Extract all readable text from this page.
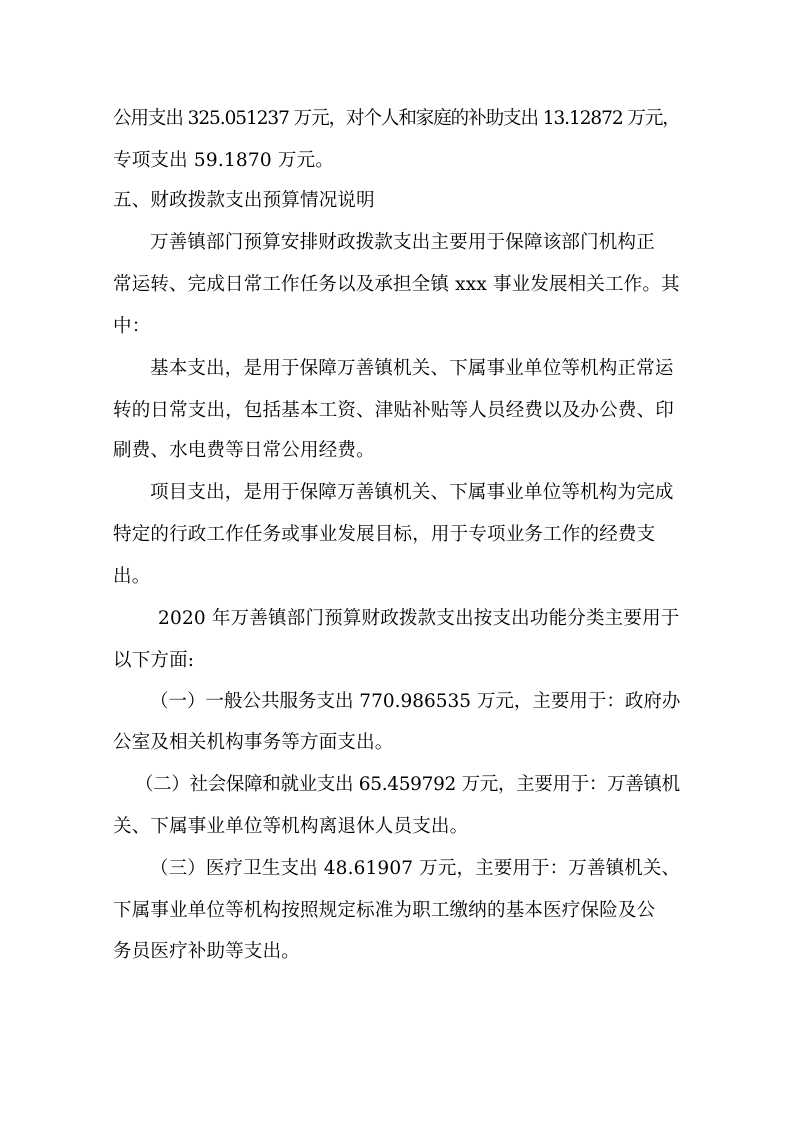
公用支出 325.051237 万元，对个人和家庭的补助支出 13.12872 万元，
专项支出 59.1870 万元。
五、财政拨款支出预算情况说明
万善镇部门预算安排财政拨款支出主要用于保障该部门机构正
常运转、完成日常工作任务以及承担全镇 xxx 事业发展相关工作。其
中：
基本支出，是用于保障万善镇机关、下属事业单位等机构正常运
转的日常支出，包括基本工资、津贴补贴等人员经费以及办公费、印
刷费、水电费等日常公用经费。
项目支出，是用于保障万善镇机关、下属事业单位等机构为完成
特定的行政工作任务或事业发展目标，用于专项业务工作的经费支
出。
2020 年万善镇部门预算财政拨款支出按支出功能分类主要用于
以下方面:
（一）一般公共服务支出 770.986535 万元，主要用于：政府办
公室及相关机构事务等方面支出。
（二）社会保障和就业支出 65.459792 万元，主要用于：万善镇机
关、下属事业单位等机构离退休人员支出。
（三）医疗卫生支出 48.61907 万元，主要用于：万善镇机关、
下属事业单位等机构按照规定标准为职工缴纳的基本医疗保险及公
务员医疗补助等支出。
